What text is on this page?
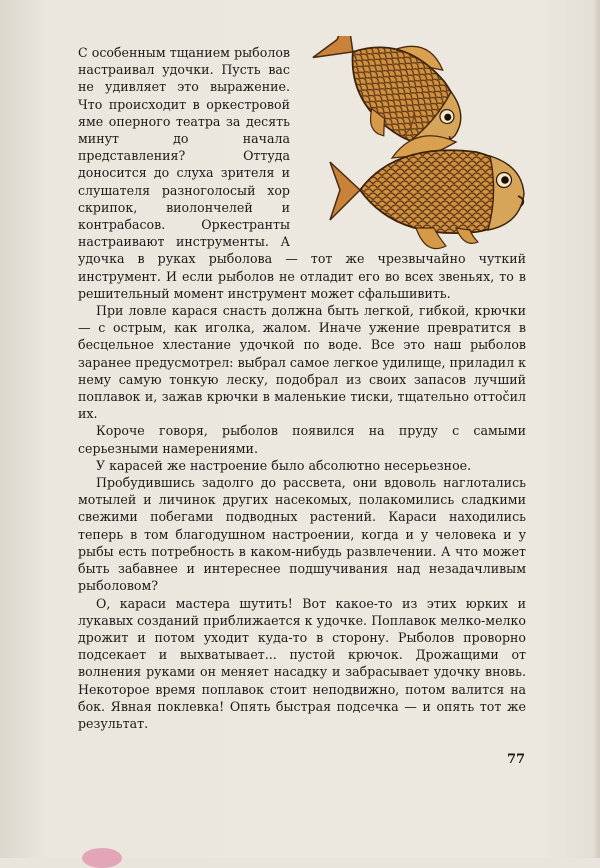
С особенным тщанием рыболов настраивал удочки. Пусть вас не удивляет это выражение. Что происходит в оркестровой яме оперного театра за десять минут до начала представления? Оттуда доносится до слуха зрителя и слушателя разноголосый хор скрипок, виолончелей и контрабасов. Оркестранты настраивают инструменты. А удочка в руках рыболова — тот же чрезвычайно чуткий инструмент. И если рыболов не отладит его во всех звеньях, то в решительный момент инструмент может сфальшивить.

При ловле карася снасть должна быть легкой, гибкой, крючки — с острым, как иголка, жалом. Иначе ужение превратится в бесцельное хлестание удочкой по воде. Все это наш рыболов заранее предусмотрел: выбрал самое легкое удилище, приладил к нему самую тонкую леску, подобрал из своих запасов лучший поплавок и, зажав крючки в маленькие тиски, тщательно оттočил их.

Короче говоря, рыболов появился на пруду с самыми серьезными намерениями.

У карасей же настроение было абсолютно несерьезное.

Пробудившись задолго до рассвета, они вдоволь наглотались мотылей и личинок других насекомых, полакомились сладкими свежими побегами подводных растений. Караси находились теперь в том благодушном настроении, когда и у человека и у рыбы есть потребность в каком-нибудь развлечении. А что может быть забавнее и интереснее подшучивания над незадачливым рыболовом?

О, караси мастера шутить! Вот какое-то из этих юрких и лукавых созданий приближается к удочке. Поплавок мелко-мелко дрожит и потом уходит куда-то в сторону. Рыболов проворно подсекает и выхватывает... пустой крючок. Дрожащими от волнения руками он меняет насадку и забрасывает удочку вновь. Некоторое время поплавок стоит неподвижно, потом валится на бок. Явная поклевка! Опять быстрая подсечка — и опять тот же результат.

77
